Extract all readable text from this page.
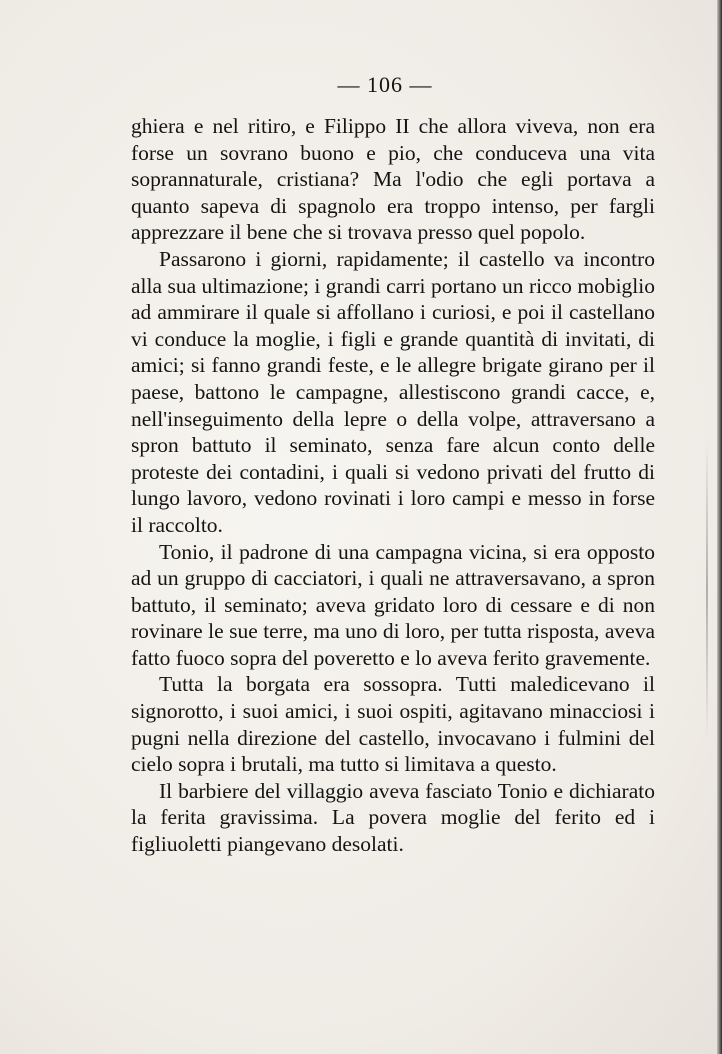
— 106 —

ghiera e nel ritiro, e Filippo II che allora viveva, non era forse un sovrano buono e pio, che conduceva una vita soprannaturale, cristiana? Ma l'odio che egli portava a quanto sapeva di spagnolo era troppo intenso, per fargli apprezzare il bene che si trovava presso quel popolo.

Passarono i giorni, rapidamente; il castello va incontro alla sua ultimazione; i grandi carri portano un ricco mobiglio ad ammirare il quale si affollano i curiosi, e poi il castellano vi conduce la moglie, i figli e grande quantità di invitati, di amici; si fanno grandi feste, e le allegre brigate girano per il paese, battono le campagne, allestiscono grandi cacce, e, nell'inseguimento della lepre o della volpe, attraversano a spron battuto il seminato, senza fare alcun conto delle proteste dei contadini, i quali si vedono privati del frutto di lungo lavoro, vedono rovinati i loro campi e messo in forse il raccolto.

Tonio, il padrone di una campagna vicina, si era opposto ad un gruppo di cacciatori, i quali ne attraversavano, a spron battuto, il seminato; aveva gridato loro di cessare e di non rovinare le sue terre, ma uno di loro, per tutta risposta, aveva fatto fuoco sopra del poveretto e lo aveva ferito gravemente.

Tutta la borgata era sossopra. Tutti maledicevano il signorotto, i suoi amici, i suoi ospiti, agitavano minacciosi i pugni nella direzione del castello, invocavano i fulmini del cielo sopra i brutali, ma tutto si limitava a questo.

Il barbiere del villaggio aveva fasciato Tonio e dichiarato la ferita gravissima. La povera moglie del ferito ed i figliuoletti piangevano desolati.
